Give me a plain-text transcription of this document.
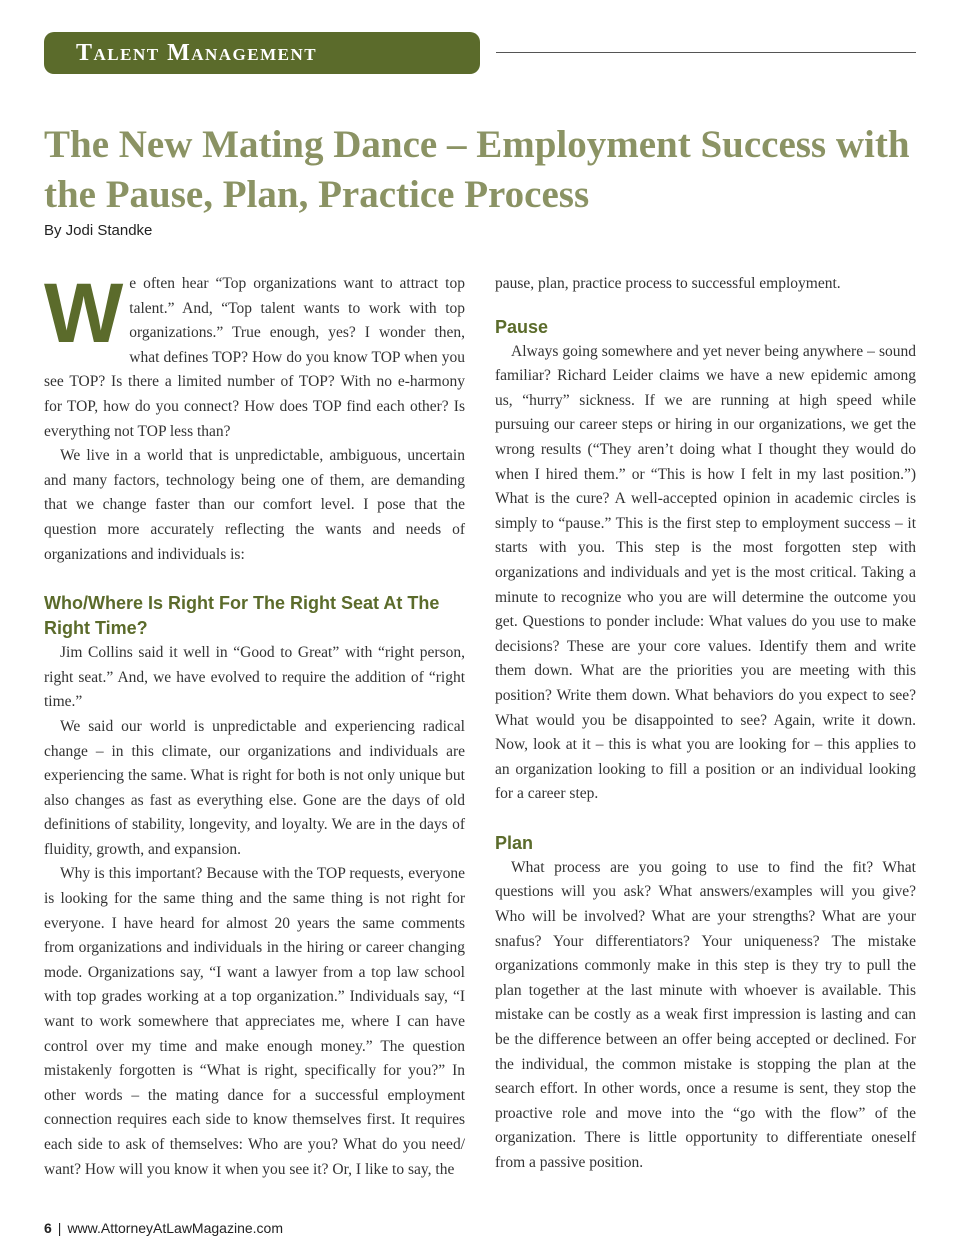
Talent Management
The New Mating Dance – Employment Success with the Pause, Plan, Practice Process
By Jodi Standke

We often hear “Top organizations want to attract top talent.” And, “Top talent wants to work with top organizations.” True enough, yes? I wonder then, what defines TOP? How do you know TOP when you see TOP? Is there a limited number of TOP? With no e-harmony for TOP, how do you connect? How does TOP find each other? Is everything not TOP less than?

We live in a world that is unpredictable, ambiguous, uncertain and many factors, technology being one of them, are demanding that we change faster than our comfort level. I pose that the question more accurately reflecting the wants and needs of organizations and individuals is:

Who/Where Is Right For The Right Seat At The Right Time?

Jim Collins said it well in “Good to Great” with “right person, right seat.” And, we have evolved to require the addition of “right time.”

We said our world is unpredictable and experiencing radical change – in this climate, our organizations and individuals are experiencing the same. What is right for both is not only unique but also changes as fast as everything else. Gone are the days of old definitions of stability, longevity, and loyalty. We are in the days of fluidity, growth, and expansion.

Why is this important? Because with the TOP requests, everyone is looking for the same thing and the same thing is not right for everyone. I have heard for almost 20 years the same comments from organizations and individuals in the hiring or career changing mode. Organizations say, “I want a lawyer from a top law school with top grades working at a top organization.” Individuals say, “I want to work somewhere that appreciates me, where I can have control over my time and make enough money.” The question mistakenly forgotten is “What is right, specifically for you?” In other words – the mating dance for a successful employment connection requires each side to know themselves first. It requires each side to ask of themselves: Who are you? What do you need/ want? How will you know it when you see it? Or, I like to say, the

pause, plan, practice process to successful employment.

Pause

Always going somewhere and yet never being anywhere – sound familiar? Richard Leider claims we have a new epidemic among us, “hurry” sickness. If we are running at high speed while pursuing our career steps or hiring in our organizations, we get the wrong results (“They aren’t doing what I thought they would do when I hired them.” or “This is how I felt in my last position.”) What is the cure? A well-accepted opinion in academic circles is simply to “pause.” This is the first step to employment success – it starts with you. This step is the most forgotten step with organizations and individuals and yet is the most critical. Taking a minute to recognize who you are will determine the outcome you get. Questions to ponder include: What values do you use to make decisions? These are your core values. Identify them and write them down. What are the priorities you are meeting with this position? Write them down. What behaviors do you expect to see? What would you be disappointed to see? Again, write it down. Now, look at it – this is what you are looking for – this applies to an organization looking to fill a position or an individual looking for a career step.

Plan

What process are you going to use to find the fit? What questions will you ask? What answers/examples will you give? Who will be involved? What are your strengths? What are your snafus? Your differentiators? Your uniqueness? The mistake organizations commonly make in this step is they try to pull the plan together at the last minute with whoever is available. This mistake can be costly as a weak first impression is lasting and can be the difference between an offer being accepted or declined. For the individual, the common mistake is stopping the plan at the search effort. In other words, once a resume is sent, they stop the proactive role and move into the “go with the flow” of the organization. There is little opportunity to differentiate oneself from a passive position.

6 | www.AttorneyAtLawMagazine.com
